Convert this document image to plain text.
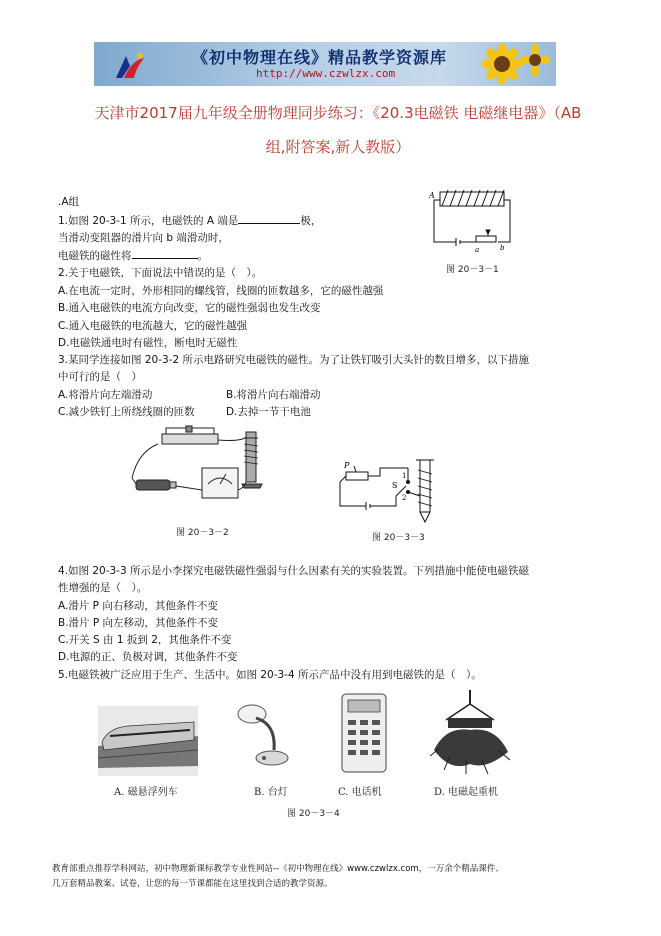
《初中物理在线》精品教学资源库
http://www.czwlzx.com
天津市2017届九年级全册物理同步练习：《20.3电磁铁 电磁继电器》（AB
组,附答案,新人教版）
.A组
1.如图 20-3-1 所示，电磁铁的 A 端是	极，
当滑动变阻器的滑片向 b 端滑动时，
电磁铁的磁性将	。
A
a	b
图 20－3－1
2.关于电磁铁，下面说法中错误的是（　）。
A.在电流一定时，外形相同的螺线管，线圈的匝数越多，它的磁性越强
B.通入电磁铁的电流方向改变，它的磁性强弱也发生改变
C.通入电磁铁的电流越大，它的磁性越强
D.电磁铁通电时有磁性，断电时无磁性
3.某同学连接如图 20-3-2 所示电路研究电磁铁的磁性。为了让铁钉吸引大头针的数目增多，以下措施
中可行的是（　）
A.将滑片向左端滑动	B.将滑片向右端滑动
C.减少铁钉上所绕线圈的匝数	D.去掉一节干电池
图 20－3－2
P
S
1
2
图 20－3－3
4.如图 20-3-3 所示是小李探究电磁铁磁性强弱与什么因素有关的实验装置。下列措施中能使电磁铁磁
性增强的是（　）。
A.滑片 P 向右移动，其他条件不变
B.滑片 P 向左移动，其他条件不变
C.开关 S 由 1 扳到 2，其他条件不变
D.电源的正、负极对调，其他条件不变
5.电磁铁被广泛应用于生产、生活中。如图 20-3-4 所示产品中没有用到电磁铁的是（　）。
A. 磁悬浮列车	B. 台灯	C. 电话机	D. 电磁起重机
图 20－3－4
教育部重点推荐学科网站，初中物理新课标教学专业性网站--《初中物理在线》www.czwlzx.com，一万余个精品课件、
几万套精品教案、试卷，让您的每一节课都能在这里找到合适的教学资源。
